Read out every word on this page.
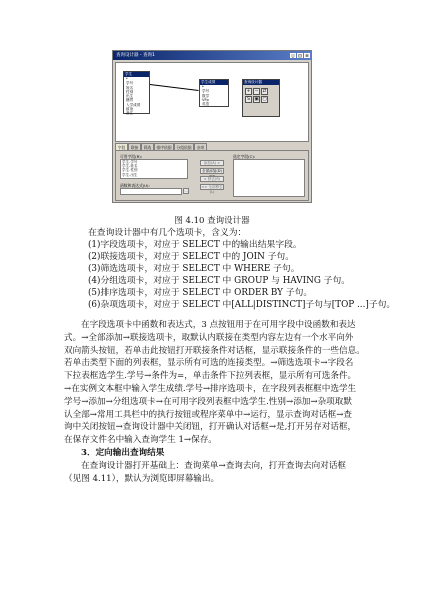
查询设计器 - 查询1	_	□ ×
学生
*
学号
姓名
性别
出生
籍贯
入学成绩
政治
备注
学生成绩
*
学号
数学
VFp
英语
查询设计器
+ − ⇄
S ▣ ▢
字段	联接	筛选	排序依据	分组依据	杂项
可用字段(R):
学生.学号
学生.姓名
学生.性别
学生.出生
函数和表达式(U):
…
添加(A) >
全部添加(D)
< 移去(R)
<< 全部移去(L)
选定字段(C):
图 4.10 查询设计器
在查询设计器中有几个选项卡，含义为：
(1)字段选项卡，对应于 SELECT 中的输出结果字段。
(2)联接选项卡，对应于 SELECT 中的 JOIN 子句。
(3)筛选选项卡，对应于 SELECT 中 WHERE 子句。
(4)分组选项卡，对应于 SELECT 中 GROUP 与 HAVING 子句。
(5)排序选项卡，对应于 SELECT 中 ORDER BY 子句。
(6)杂项选项卡，对应于 SELECT 中[ALL|DISTINCT]子句与[TOP ...]子句。
在字段选项卡中函数和表达式，3 点按钮用于在可用字段中设函数和表达
式。→全部添加→联接选项卡，取默认内联接在类型内容左边有一个水平向外
双向箭头按钮，若单击此按钮打开联接条件对话框，显示联接条件的一些信息。
若单击类型下面的列表框，显示所有可选的连接类型。→筛选选项卡→字段名
下拉表框选学生.学号→条件为=，单击条件下拉列表框，显示所有可选条件。
→在实例文本框中输入学生成绩.学号→排序选项卡，在字段列表框框中选学生
学号→添加→分组选项卡→在可用字段列表框中选学生.性别→添加→杂项取默
认全部→常用工具栏中的执行按钮或程序菜单中→运行，显示查询对话框→查
询中关闭按钮→查询设计器中关闭钮，打开确认对话框→是,打开另存对话框，
在保存文件名中输入查询学生 1→保存。
3．定向输出查询结果
在查询设计器打开基础上：查询菜单→查询去向，打开查询去向对话框
（见图 4.11），默认为浏览即屏幕输出。
